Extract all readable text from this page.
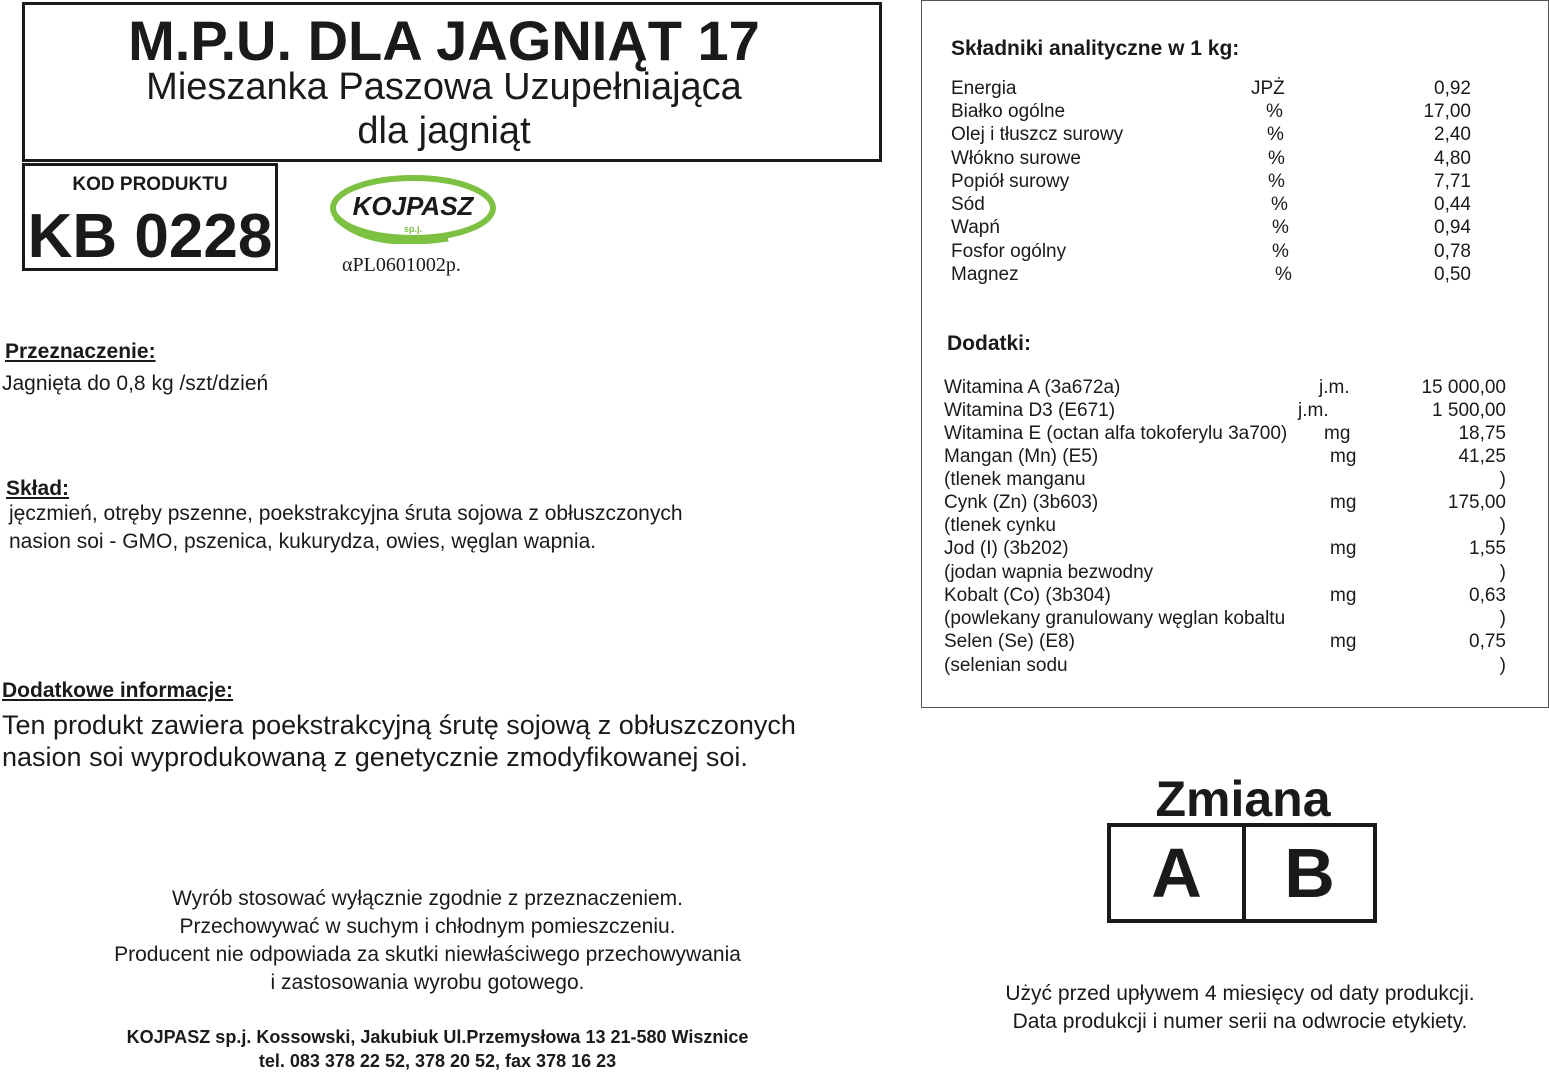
M.P.U. DLA JAGNIĄT 17
Mieszanka Paszowa Uzupełniająca
dla jagniąt
KOD PRODUKTU
KB 0228	KOJPASZ
sp.j.
αPL0601002p.
Przeznaczenie:
Jagnięta do 0,8 kg /szt/dzień
Skład:
jęczmień, otręby pszenne, poekstrakcyjna śruta sojowa z obłuszczonych
nasion soi - GMO, pszenica, kukurydza, owies, węglan wapnia.
Dodatkowe informacje:
Ten produkt zawiera poekstrakcyjną śrutę sojową z obłuszczonych
nasion soi wyprodukowaną z genetycznie zmodyfikowanej soi.
Wyrób stosować wyłącznie zgodnie z przeznaczeniem.
Przechowywać w suchym i chłodnym pomieszczeniu.
Producent nie odpowiada za skutki niewłaściwego przechowywania
i zastosowania wyrobu gotowego.
KOJPASZ sp.j. Kossowski, Jakubiuk Ul.Przemysłowa 13 21-580 Wisznice
tel. 083 378 22 52, 378 20 52, fax 378 16 23
Składniki analityczne w 1 kg:
Energia	JPŻ	0,92
Białko ogólne	%	17,00
Olej i tłuszcz surowy	%	2,40
Włókno surowe	%	4,80
Popiół surowy	%	7,71
Sód	%	0,44
Wapń	%	0,94
Fosfor ogólny	%	0,78
Magnez	%	0,50
Dodatki:
Witamina A (3a672a)	j.m.	15 000,00
Witamina D3 (E671)	j.m.	1 500,00
Witamina E (octan alfa tokoferylu 3a700) mg	18,75
Mangan (Mn) (E5)	mg	41,25
(tlenek manganu	)
Cynk (Zn) (3b603)	mg	175,00
(tlenek cynku	)
Jod (I) (3b202)	mg	1,55
(jodan wapnia bezwodny	)
Kobalt (Co) (3b304)	mg	0,63
(powlekany granulowany węglan kobaltu	)
Selen (Se) (E8)	mg	0,75
(selenian sodu	)
Zmiana
A	B
Użyć przed upływem 4 miesięcy od daty produkcji.
Data produkcji i numer serii na odwrocie etykiety.
